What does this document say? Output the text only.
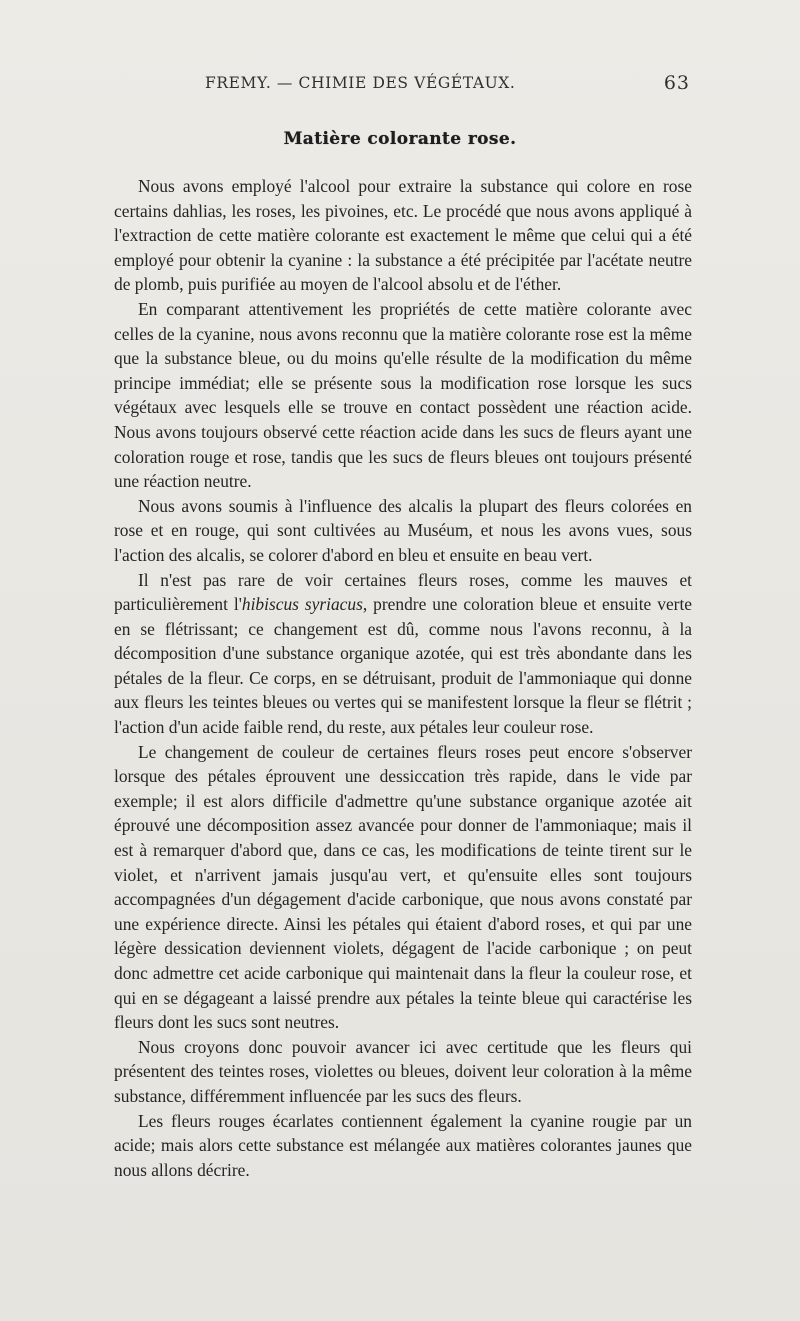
FREMY. — CHIMIE DES VÉGÉTAUX.	63
Matière colorante rose.

Nous avons employé l'alcool pour extraire la substance qui colore en rose certains dahlias, les roses, les pivoines, etc. Le procédé que nous avons appliqué à l'extraction de cette matière colorante est exactement le même que celui qui a été employé pour obtenir la cyanine : la substance a été précipitée par l'acétate neutre de plomb, puis purifiée au moyen de l'alcool absolu et de l'éther.

En comparant attentivement les propriétés de cette matière colorante avec celles de la cyanine, nous avons reconnu que la matière colorante rose est la même que la substance bleue, ou du moins qu'elle résulte de la modification du même principe immédiat; elle se présente sous la modification rose lorsque les sucs végétaux avec lesquels elle se trouve en contact possèdent une réaction acide. Nous avons toujours observé cette réaction acide dans les sucs de fleurs ayant une coloration rouge et rose, tandis que les sucs de fleurs bleues ont toujours présenté une réaction neutre.

Nous avons soumis à l'influence des alcalis la plupart des fleurs colorées en rose et en rouge, qui sont cultivées au Muséum, et nous les avons vues, sous l'action des alcalis, se colorer d'abord en bleu et ensuite en beau vert.

Il n'est pas rare de voir certaines fleurs roses, comme les mauves et particulièrement l'hibiscus syriacus, prendre une coloration bleue et ensuite verte en se flétrissant; ce changement est dû, comme nous l'avons reconnu, à la décomposition d'une substance organique azotée, qui est très abondante dans les pétales de la fleur. Ce corps, en se détruisant, produit de l'ammoniaque qui donne aux fleurs les teintes bleues ou vertes qui se manifestent lorsque la fleur se flétrit ; l'action d'un acide faible rend, du reste, aux pétales leur couleur rose.

Le changement de couleur de certaines fleurs roses peut encore s'observer lorsque des pétales éprouvent une dessiccation très rapide, dans le vide par exemple; il est alors difficile d'admettre qu'une substance organique azotée ait éprouvé une décomposition assez avancée pour donner de l'ammoniaque; mais il est à remarquer d'abord que, dans ce cas, les modifications de teinte tirent sur le violet, et n'arrivent jamais jusqu'au vert, et qu'ensuite elles sont toujours accompagnées d'un dégagement d'acide carbonique, que nous avons constaté par une expérience directe. Ainsi les pétales qui étaient d'abord roses, et qui par une légère dessication deviennent violets, dégagent de l'acide carbonique ; on peut donc admettre cet acide carbonique qui maintenait dans la fleur la couleur rose, et qui en se dégageant a laissé prendre aux pétales la teinte bleue qui caractérise les fleurs dont les sucs sont neutres.

Nous croyons donc pouvoir avancer ici avec certitude que les fleurs qui présentent des teintes roses, violettes ou bleues, doivent leur coloration à la même substance, différemment influencée par les sucs des fleurs.

Les fleurs rouges écarlates contiennent également la cyanine rougie par un acide; mais alors cette substance est mélangée aux matières colorantes jaunes que nous allons décrire.
